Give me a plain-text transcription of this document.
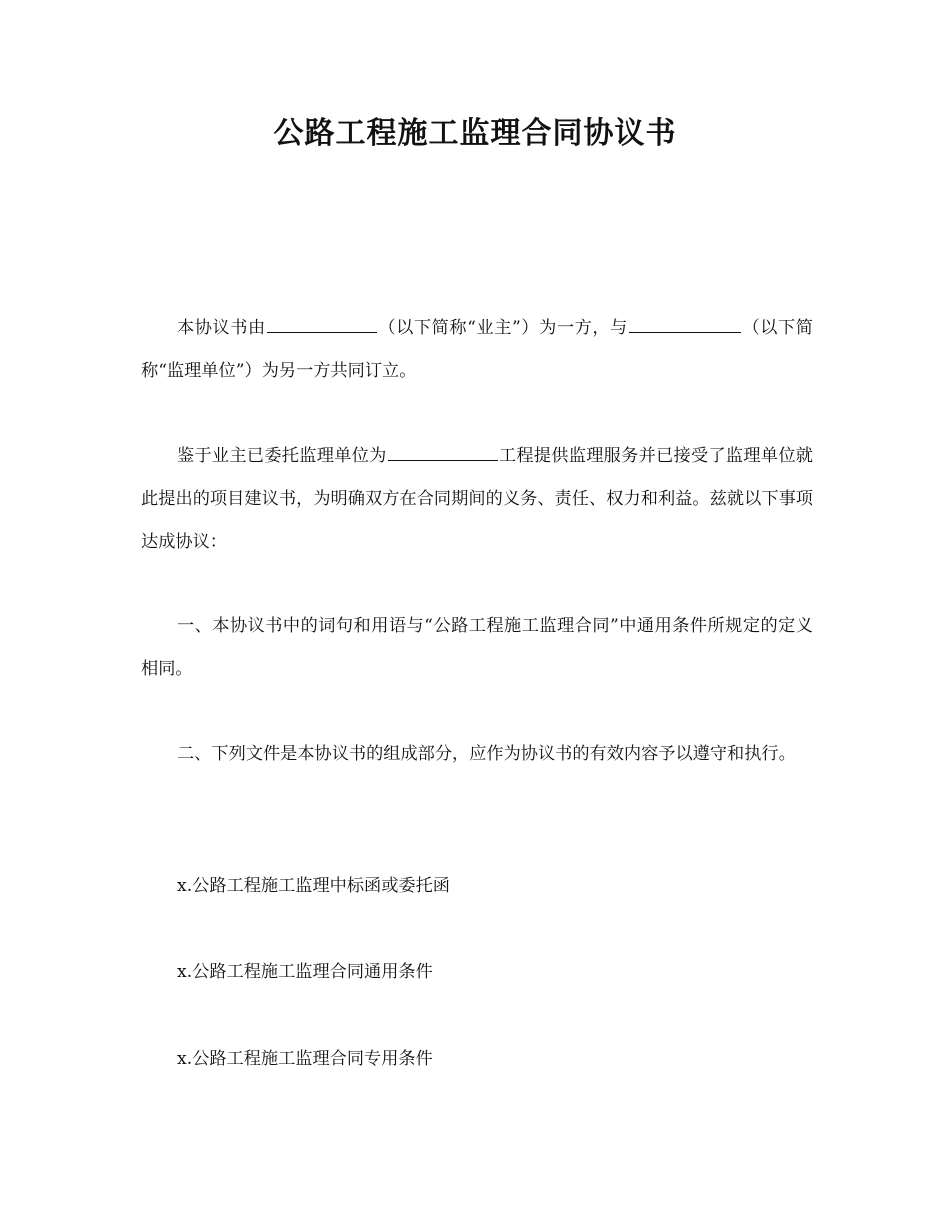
公路工程施工监理合同协议书

本协议书由	（以下简称“业主”）为一方，与	（以下简称“监理单位”）为另一方共同订立。

鉴于业主已委托监理单位为	工程提供监理服务并已接受了监理单位就此提出的项目建议书，为明确双方在合同期间的义务、责任、权力和利益。兹就以下事项达成协议：

一、本协议书中的词句和用语与“公路工程施工监理合同”中通用条件所规定的定义相同。

二、下列文件是本协议书的组成部分，应作为协议书的有效内容予以遵守和执行。

x.公路工程施工监理中标函或委托函
x.公路工程施工监理合同通用条件
x.公路工程施工监理合同专用条件
